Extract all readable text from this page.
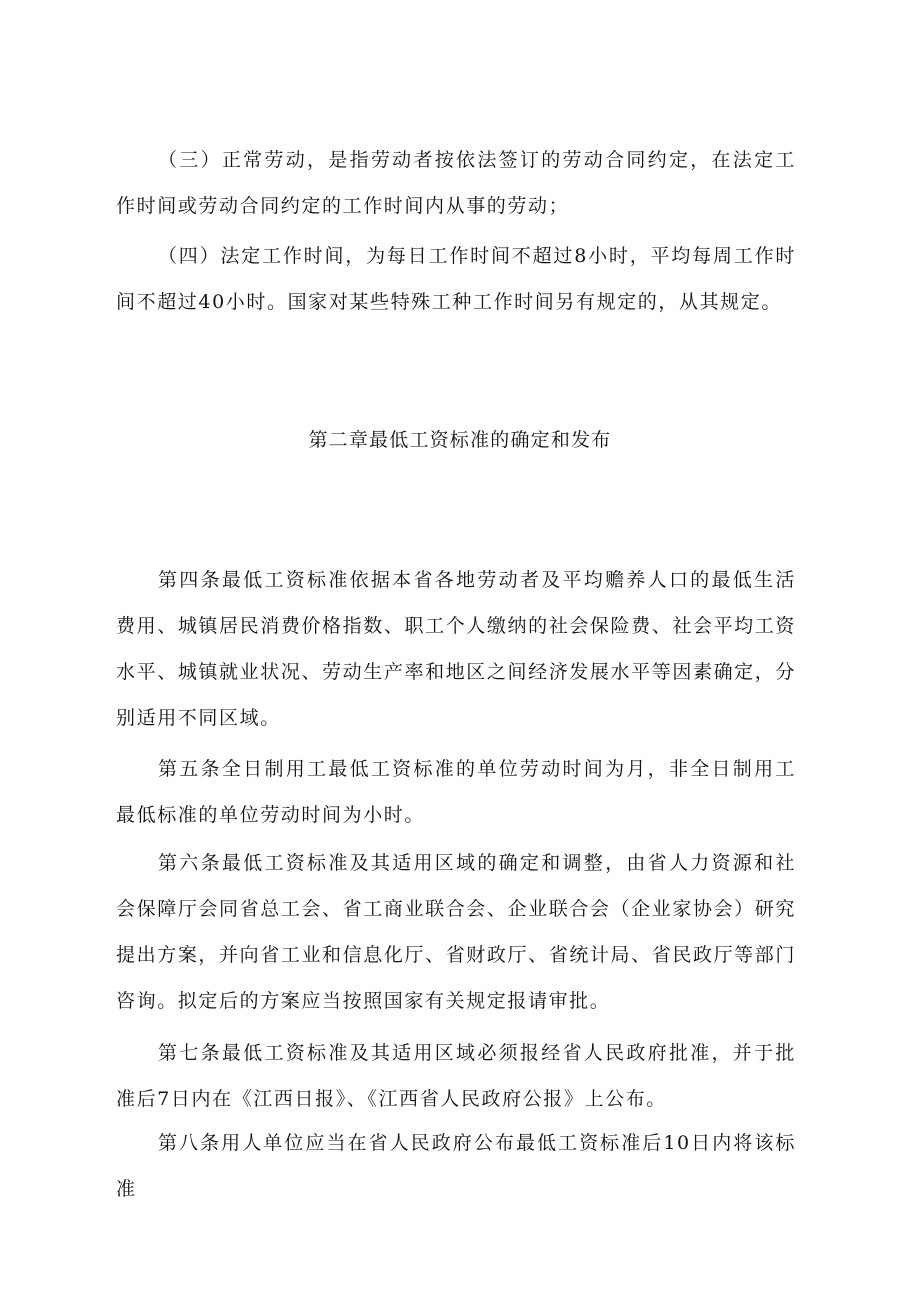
（三）正常劳动，是指劳动者按依法签订的劳动合同约定，在法定工作时间或劳动合同约定的工作时间内从事的劳动；

（四）法定工作时间，为每日工作时间不超过8小时，平均每周工作时间不超过40小时。国家对某些特殊工种工作时间另有规定的，从其规定。

第二章最低工资标准的确定和发布

第四条最低工资标准依据本省各地劳动者及平均赡养人口的最低生活费用、城镇居民消费价格指数、职工个人缴纳的社会保险费、社会平均工资水平、城镇就业状况、劳动生产率和地区之间经济发展水平等因素确定，分别适用不同区域。

第五条全日制用工最低工资标准的单位劳动时间为月，非全日制用工最低标准的单位劳动时间为小时。

第六条最低工资标准及其适用区域的确定和调整，由省人力资源和社会保障厅会同省总工会、省工商业联合会、企业联合会（企业家协会）研究提出方案，并向省工业和信息化厅、省财政厅、省统计局、省民政厅等部门咨询。拟定后的方案应当按照国家有关规定报请审批。

第七条最低工资标准及其适用区域必须报经省人民政府批准，并于批准后7日内在《江西日报》、《江西省人民政府公报》上公布。

第八条用人单位应当在省人民政府公布最低工资标准后10日内将该标准
